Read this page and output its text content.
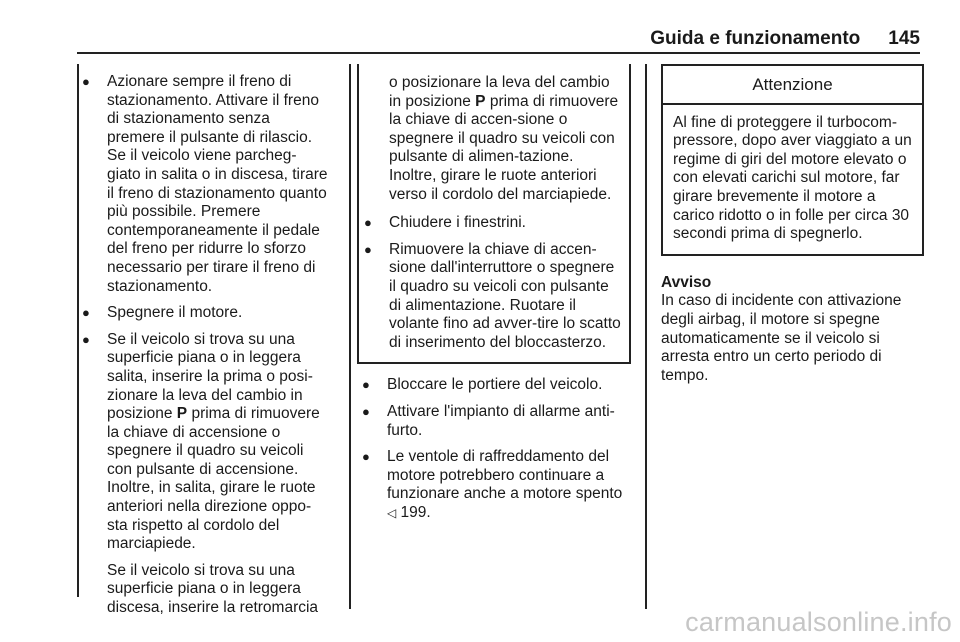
Guida e funzionamento 145
● Azionare sempre il freno di stazionamento. Attivare il freno di stazionamento senza premere il pulsante di rilascio. Se il veicolo viene parcheg-giato in salita o in discesa, tirare il freno di stazionamento quanto più possibile. Premere contemporaneamente il pedale del freno per ridurre lo sforzo necessario per tirare il freno di stazionamento.

● Spegnere il motore.

● Se il veicolo si trova su una superficie piana o in leggera salita, inserire la prima o posi-zionare la leva del cambio in posizione P prima di rimuovere la chiave di accensione o spegnere il quadro su veicoli con pulsante di accensione. Inoltre, in salita, girare le ruote anteriori nella direzione oppo-sta rispetto al cordolo del marciapiede.

Se il veicolo si trova su una superficie piana o in leggera discesa, inserire la retromarcia

o posizionare la leva del cambio in posizione P prima di rimuovere la chiave di accen-sione o spegnere il quadro su veicoli con pulsante di alimen-tazione. Inoltre, girare le ruote anteriori verso il cordolo del marciapiede.

● Chiudere i finestrini.

● Rimuovere la chiave di accen-sione dall'interruttore o spegnere il quadro su veicoli con pulsante di alimentazione. Ruotare il volante fino ad avver-tire lo scatto di inserimento del bloccasterzo.

● Bloccare le portiere del veicolo.

● Attivare l'impianto di allarme anti-furto.

● Le ventole di raffreddamento del motore potrebbero continuare a funzionare anche a motore spento ◁ 199.

Attenzione

Al fine di proteggere il turbocom-pressore, dopo aver viaggiato a un regime di giri del motore elevato o con elevati carichi sul motore, far girare brevemente il motore a carico ridotto o in folle per circa 30 secondi prima di spegnerlo.

Avviso

In caso di incidente con attivazione degli airbag, il motore si spegne automaticamente se il veicolo si arresta entro un certo periodo di tempo.

carmanualsonline.info
